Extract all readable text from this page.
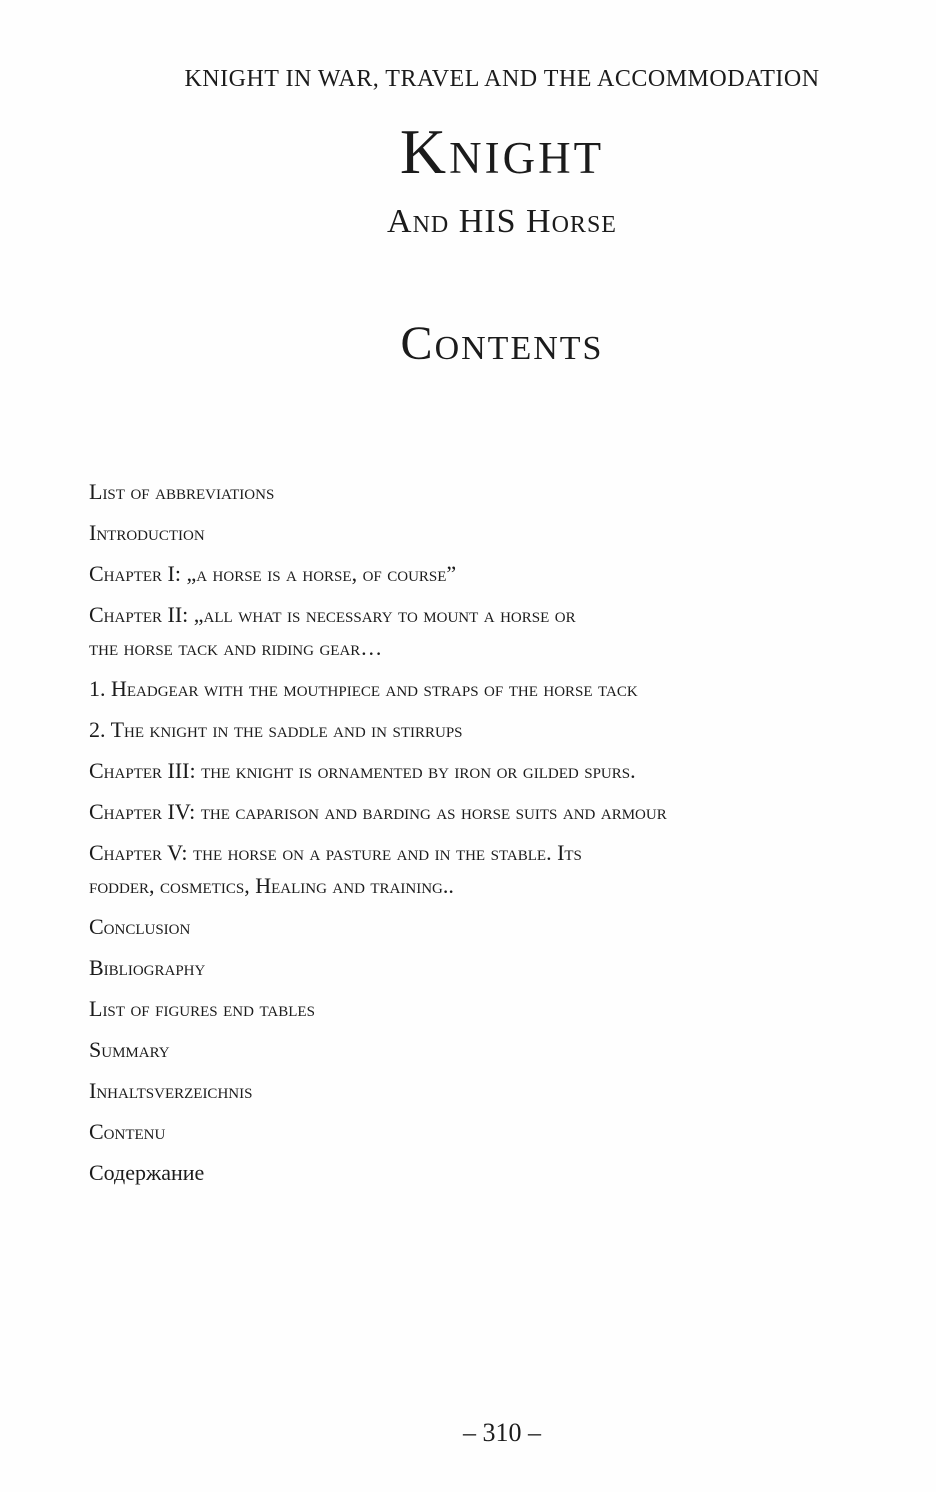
KNIGHT IN WAR, TRAVEL AND THE ACCOMMODATION
Knight
And HIS Horse
Contents
List of abbreviations
Introduction
Chapter I: „a horse is a horse, of course”
Chapter II: „all what is necessary to mount a horse or
the horse tack and riding gear…
1. Headgear with the mouthpiece and straps of the horse tack
2. The knight in the saddle and in stirrups
Chapter III: the knight is ornamented by iron or gilded spurs.
Chapter IV: the caparison and barding as horse suits and armour
Chapter V: the horse on a pasture and in the stable. Its
fodder, cosmetics, Healing and training..
Conclusion
Bibliography
List of figures end tables
Summary
Inhaltsverzeichnis
Contenu
Содержание
– 310 –
